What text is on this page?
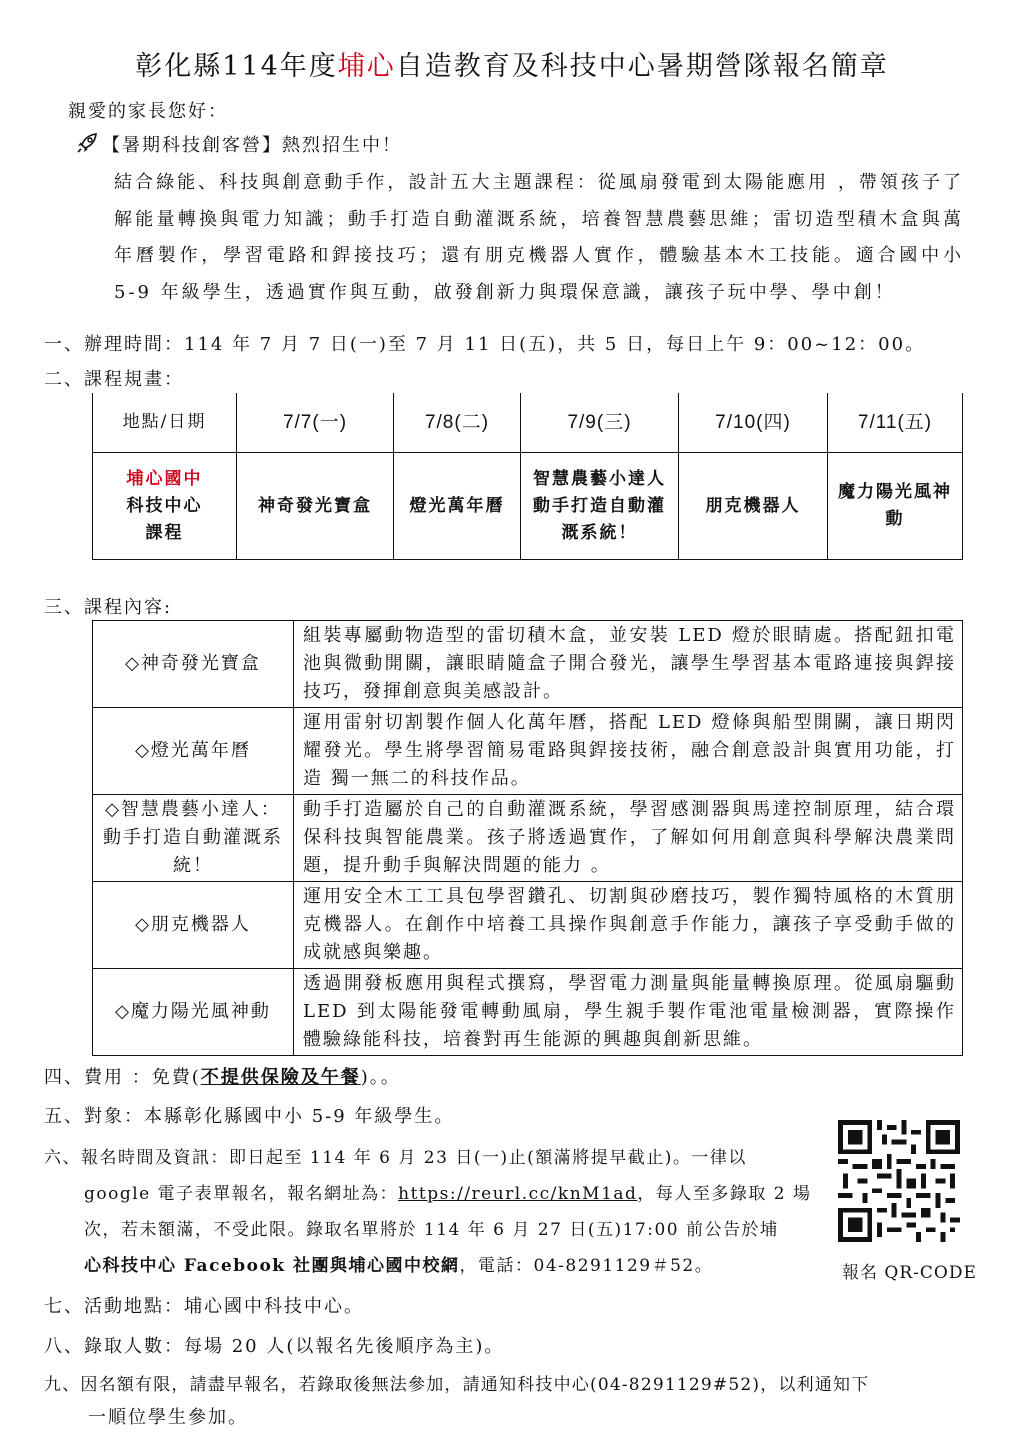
彰化縣114年度埔心自造教育及科技中心暑期營隊報名簡章
親愛的家長您好：
【暑期科技創客營】熱烈招生中！
結合綠能、科技與創意動手作，設計五大主題課程：從風扇發電到太陽能應用 ，帶領孩子了解能量轉換與電力知識；動手打造自動灌溉系統，培養智慧農藝思維；雷切造型積木盒與萬年曆製作，學習電路和銲接技巧；還有朋克機器人實作，體驗基本木工技能。適合國中小 5-9 年級學生，透過實作與互動，啟發創新力與環保意識，讓孩子玩中學、學中創！
一、辦理時間：114 年 7 月 7 日(一)至 7 月 11 日(五)，共 5 日，每日上午 9：00~12：00。
二、課程規畫：
地點/日期	7/7(一)	7/8(二)	7/9(三)	7/10(四)	7/11(五)
埔心國中
科技中心
課程	神奇發光寶盒	燈光萬年曆	智慧農藝小達人
動手打造自動灌
溉系統！	朋克機器人	魔力陽光風神動
三、課程內容:
◇神奇發光寶盒	組裝專屬動物造型的雷切積木盒，並安裝 LED 燈於眼睛處。搭配鈕扣電池與微動開關，讓眼睛隨盒子開合發光，讓學生學習基本電路連接與銲接技巧，發揮創意與美感設計。
◇燈光萬年曆	運用雷射切割製作個人化萬年曆，搭配 LED 燈條與船型開關，讓日期閃耀發光。學生將學習簡易電路與銲接技術，融合創意設計與實用功能，打造 獨一無二的科技作品。
◇智慧農藝小達人：動手打造自動灌溉系統！	動手打造屬於自己的自動灌溉系統，學習感測器與馬達控制原理，結合環保科技與智能農業。孩子將透過實作，了解如何用創意與科學解決農業問題，提升動手與解決問題的能力 。
◇朋克機器人	運用安全木工工具包學習鑽孔、切割與砂磨技巧，製作獨特風格的木質朋克機器人。在創作中培養工具操作與創意手作能力，讓孩子享受動手做的成就感與樂趣。
◇魔力陽光風神動	透過開發板應用與程式撰寫，學習電力測量與能量轉換原理。從風扇驅動 LED 到太陽能發電轉動風扇，學生親手製作電池電量檢測器，實際操作體驗綠能科技，培養對再生能源的興趣與創新思維。
四、費用 ：免費(不提供保險及午餐)。。
五、對象：本縣彰化縣國中小 5-9 年級學生。
六、報名時間及資訊：即日起至 114 年 6 月 23 日(一)止(額滿將提早截止)。一律以
google 電子表單報名，報名網址為：https://reurl.cc/knM1ad，每人至多錄取 2 場
次，若未額滿，不受此限。錄取名單將於 114 年 6 月 27 日(五)17:00 前公告於埔
心科技中心 Facebook 社團與埔心國中校網，電話：04-8291129＃52。	報名 QR-CODE
七、活動地點：埔心國中科技中心。
八、錄取人數：每場 20 人(以報名先後順序為主)。
九、因名額有限，請盡早報名，若錄取後無法參加，請通知科技中心(04-8291129#52)，以利通知下
一順位學生參加。
